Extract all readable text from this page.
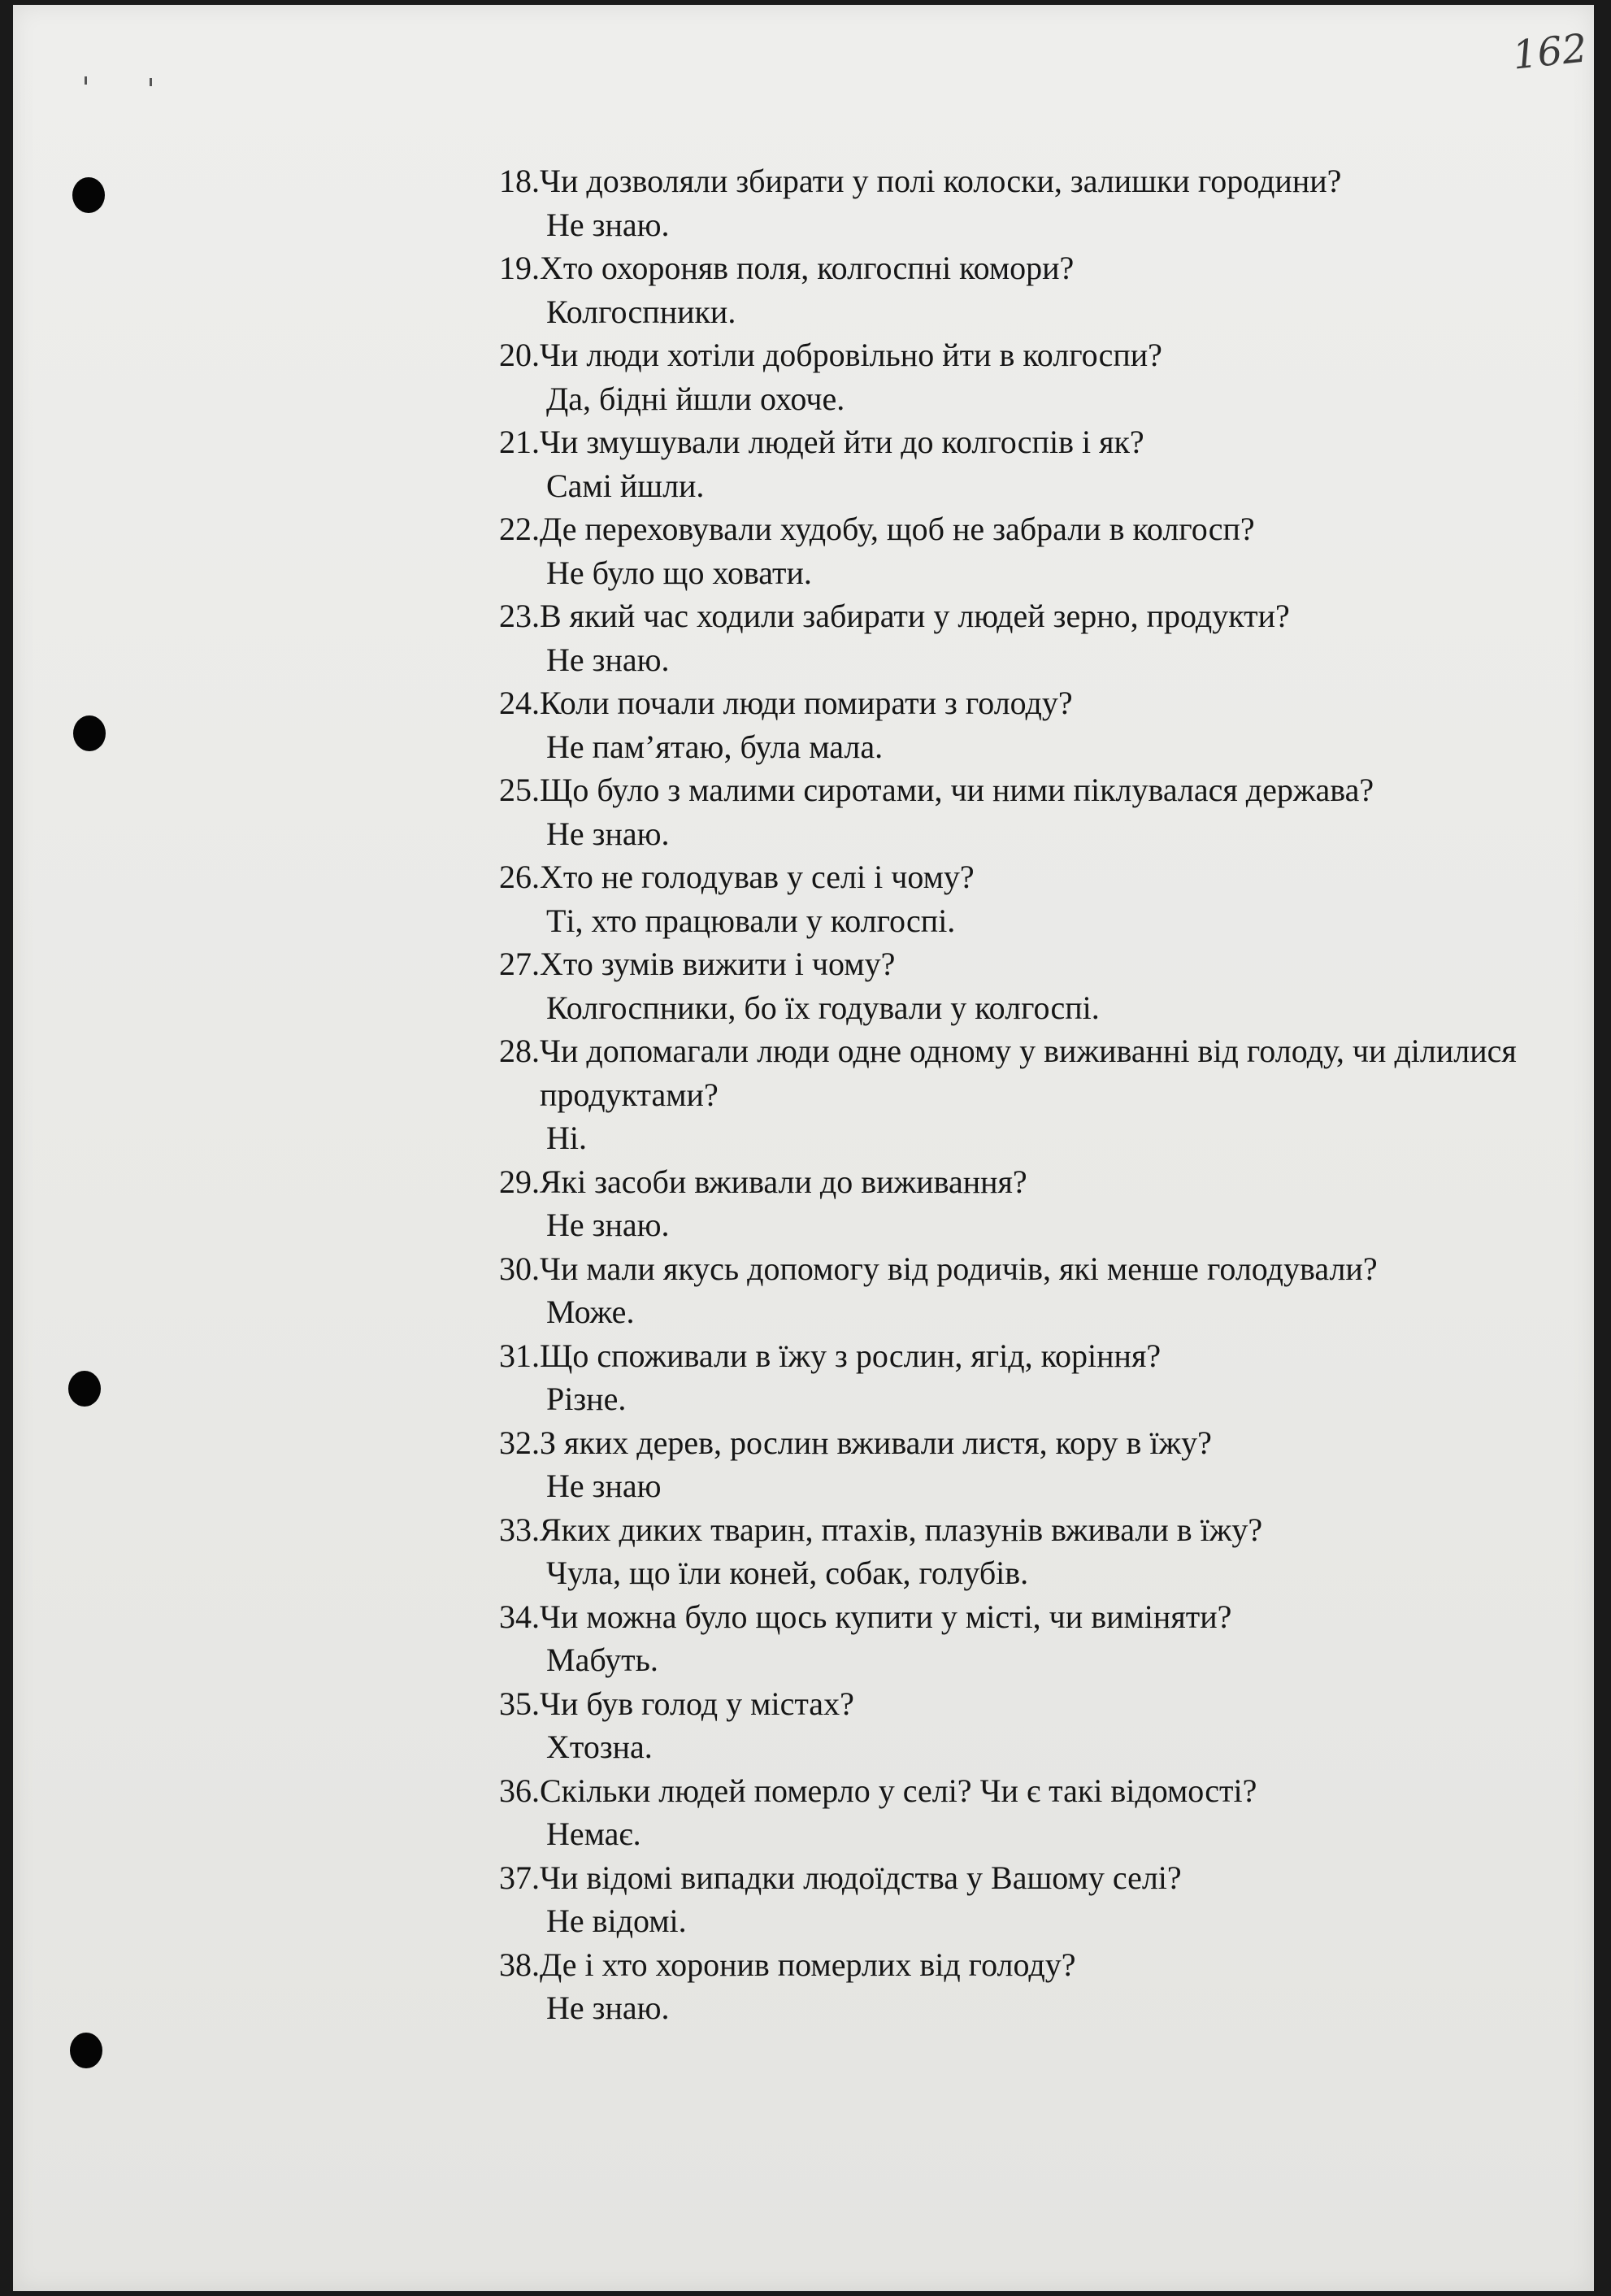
162
18. Чи дозволяли збирати у полі колоски, залишки городини?
Не знаю.
19. Хто охороняв поля, колгоспні комори?
Колгоспники.
20. Чи люди хотіли добровільно йти в колгоспи?
Да, бідні йшли охоче.
21. Чи змушували людей йти до колгоспів і як?
Самі йшли.
22. Де переховували худобу, щоб не забрали в колгосп?
Не було що ховати.
23. В який час ходили забирати у людей зерно, продукти?
Не знаю.
24. Коли почали люди помирати з голоду?
Не пам’ятаю, була мала.
25. Що було з малими сиротами, чи ними піклувалася держава?
Не знаю.
26. Хто не голодував у селі і чому?
Ті, хто працювали у колгоспі.
27. Хто зумів вижити і чому?
Колгоспники, бо їх годували у колгоспі.
28. Чи допомагали люди одне одному у виживанні від голоду, чи ділилися продуктами?
Ні.
29. Які засоби вживали до виживання?
Не знаю.
30. Чи мали якусь допомогу від родичів, які менше голодували?
Може.
31. Що споживали в їжу з рослин, ягід, коріння?
Різне.
32. З яких дерев, рослин вживали листя, кору в їжу?
Не знаю
33. Яких диких тварин, птахів, плазунів вживали в їжу?
Чула, що їли коней, собак, голубів.
34. Чи можна було щось купити у місті, чи виміняти?
Мабуть.
35. Чи був голод у містах?
Хтозна.
36. Скільки людей померло у селі? Чи є такі відомості?
Немає.
37. Чи відомі випадки людоїдства у Вашому селі?
Не відомі.
38. Де і хто хоронив померлих від голоду?
Не знаю.
